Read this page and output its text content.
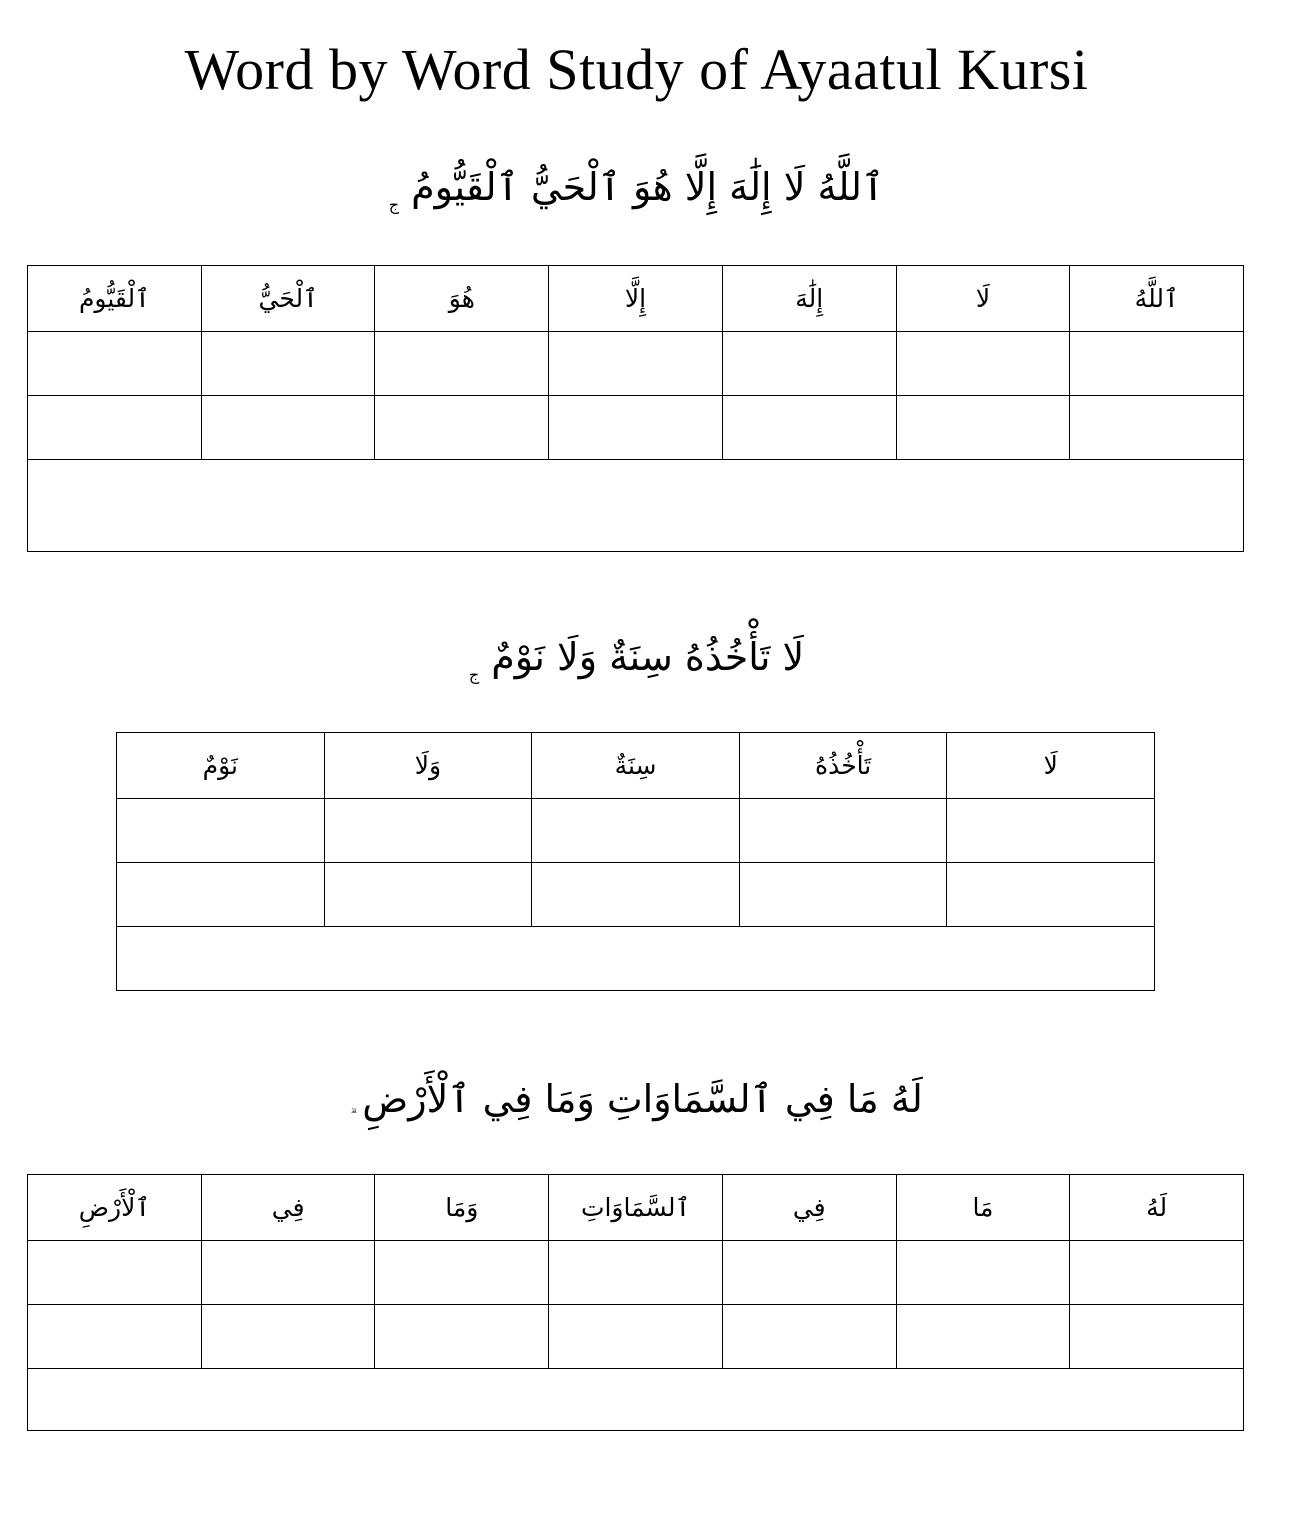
Word by Word Study of Ayaatul Kursi
ٱللَّهُ لَا إِلَٰهَ إِلَّا هُوَ ٱلْحَيُّ ٱلْقَيُّومُ $_ج$
ٱللَّهُ	لَا	إِلَٰهَ	إِلَّا	هُوَ	ٱلْحَيُّ	ٱلْقَيُّومُ

لَا تَأْخُذُهُ سِنَةٌ وَلَا نَوْمٌ $_ج$
لَا	تَأْخُذُهُ	سِنَةٌ	وَلَا	نَوْمٌ

لَهُ مَا فِي ٱلسَّمَاوَاتِ وَمَا فِي ٱلْأَرْضِ
لَهُ	مَا	فِي	ٱلسَّمَاوَاتِ	وَمَا	فِي	ٱلْأَرْضِ
